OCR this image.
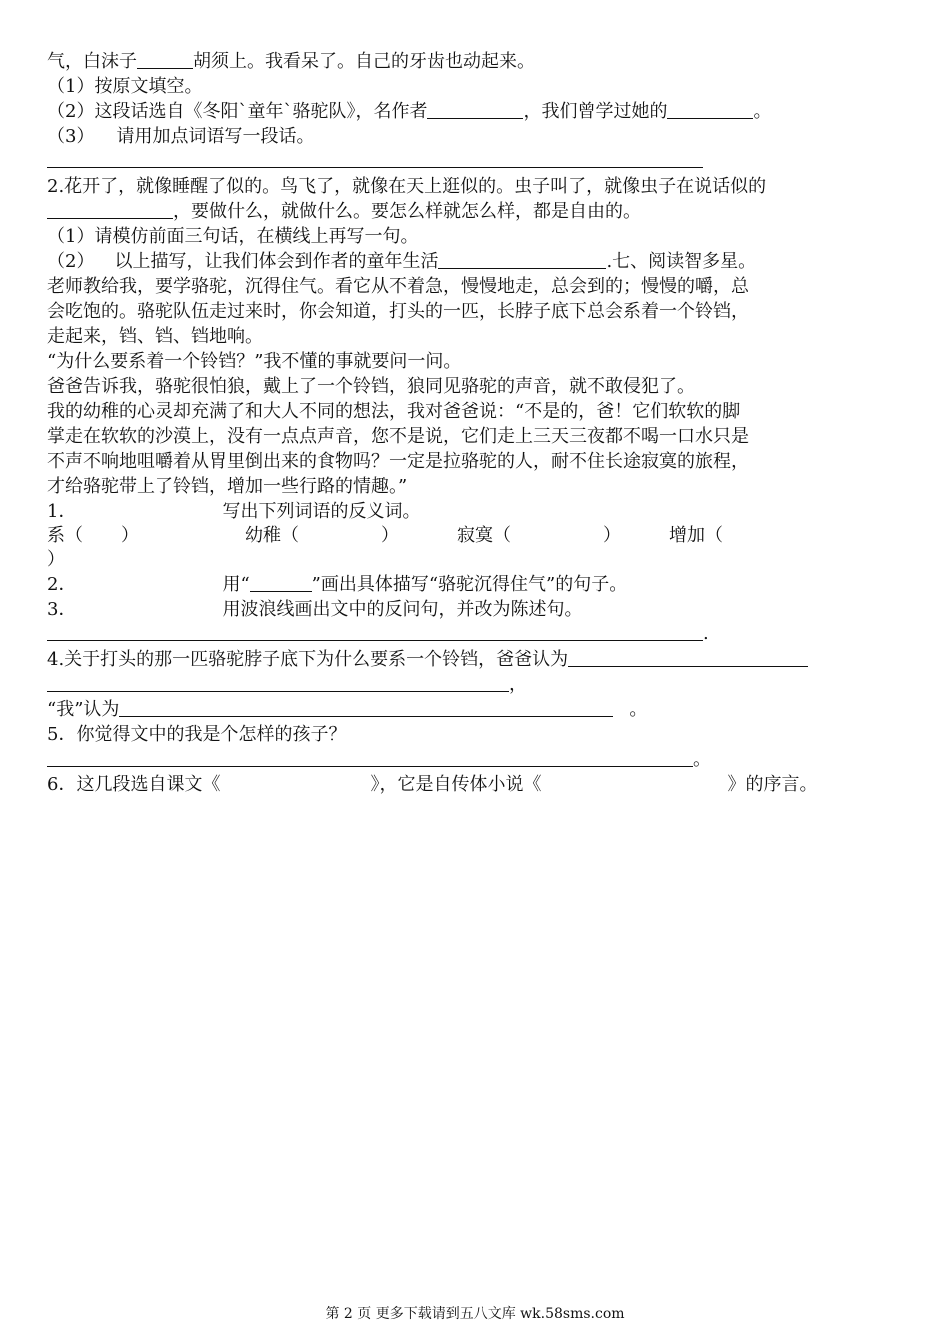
气，白沫子	胡须上。我看呆了。自己的牙齿也动起来。
（1）按原文填空。
（2）这段话选自《冬阳`童年`骆驼队》，名作者	，我们曾学过她的	。
（3） 请用加点词语写一段话。
2.花开了，就像睡醒了似的。鸟飞了，就像在天上逛似的。虫子叫了，就像虫子在说话似的
，要做什么，就做什么。要怎么样就怎么样，都是自由的。
（1）请模仿前面三句话，在横线上再写一句。
（2） 以上描写，让我们体会到作者的童年生活	.七、阅读智多星。
老师教给我，要学骆驼，沉得住气。看它从不着急，慢慢地走，总会到的；慢慢的嚼，总
会吃饱的。骆驼队伍走过来时，你会知道，打头的一匹，长脖子底下总会系着一个铃铛，
走起来，铛、铛、铛地响。
“为什么要系着一个铃铛？”我不懂的事就要问一问。
爸爸告诉我，骆驼很怕狼，戴上了一个铃铛，狼同见骆驼的声音，就不敢侵犯了。
我的幼稚的心灵却充满了和大人不同的想法，我对爸爸说：“不是的，爸！它们软软的脚
掌走在软软的沙漠上，没有一点点声音，您不是说，它们走上三天三夜都不喝一口水只是
不声不响地咀嚼着从胃里倒出来的食物吗？一定是拉骆驼的人，耐不住长途寂寞的旅程，
才给骆驼带上了铃铛，增加一些行路的情趣。”
1．	写出下列词语的反义词。
系（ ）	幼稚（	）	寂寞（	）	增加（
）
2．	用“	”画出具体描写“骆驼沉得住气”的句子。
3．	用波浪线画出文中的反问句，并改为陈述句。
.
4.关于打头的那一匹骆驼脖子底下为什么要系一个铃铛，爸爸认为
，
“我”认为	。
5．你觉得文中的我是个怎样的孩子？
。
6．这几段选自课文《	》，它是自传体小说《	》的序言。
第 2 页 更多下载请到五八文库 wk.58sms.com
